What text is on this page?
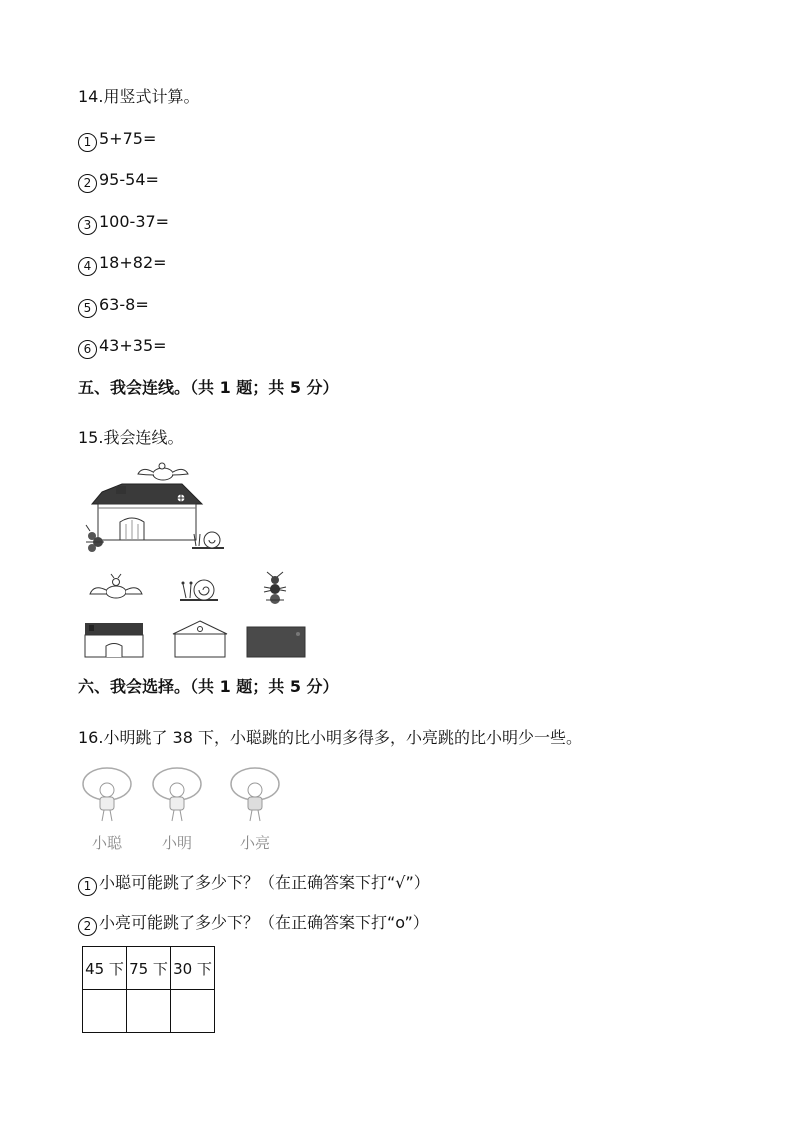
14.用竖式计算。
1 5+75=
2 95-54=
3 100-37=
4 18+82=
5 63-8=
6 43+35=
五、我会连线。（共 1 题；共 5 分）
15.我会连线。
六、我会选择。（共 1 题；共 5 分）
16.小明跳了 38 下，小聪跳的比小明多得多，小亮跳的比小明少一些。
小聪	小明	小亮
1 小聪可能跳了多少下？（在正确答案下打“√”）
2 小亮可能跳了多少下？（在正确答案下打“o”）
45 下	75 下	30 下
